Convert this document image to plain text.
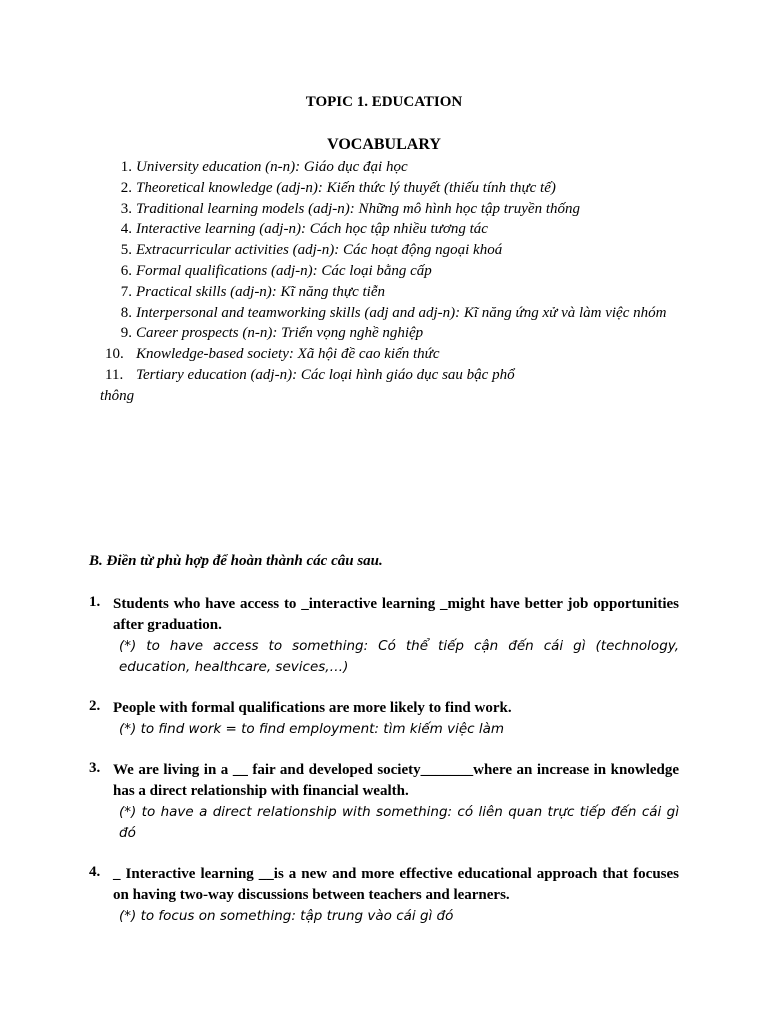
TOPIC 1. EDUCATION
VOCABULARY
1. University education (n-n): Giáo dục đại học
2. Theoretical knowledge (adj-n): Kiến thức lý thuyết (thiếu tính thực tế)
3. Traditional learning models (adj-n): Những mô hình học tập truyền thống
4. Interactive learning (adj-n): Cách học tập nhiều tương tác
5. Extracurricular activities (adj-n): Các hoạt động ngoại khoá
6. Formal qualifications (adj-n): Các loại bằng cấp
7. Practical skills (adj-n): Kĩ năng thực tiễn
8. Interpersonal and teamworking skills (adj and adj-n): Kĩ năng ứng xử và làm việc nhóm
9. Career prospects (n-n): Triển vọng nghề nghiệp
10. Knowledge-based society: Xã hội đề cao kiến thức
11. Tertiary education (adj-n): Các loại hình giáo dục sau bậc phổ thông
B. Điền từ phù hợp để hoàn thành các câu sau.
1. Students who have access to _interactive learning _might have better job opportunities after graduation.
(*) to have access to something: Có thể tiếp cận đến cái gì (technology, education, healthcare, sevices,…)
2. People with formal qualifications are more likely to find work.
(*) to find work = to find employment: tìm kiếm việc làm
3. We are living in a __ fair and developed society_______where an increase in knowledge has a direct relationship with financial wealth.
(*) to have a direct relationship with something: có liên quan trực tiếp đến cái gì đó
4. _ Interactive learning __is a new and more effective educational approach that focuses on having two-way discussions between teachers and learners.
(*) to focus on something: tập trung vào cái gì đó
